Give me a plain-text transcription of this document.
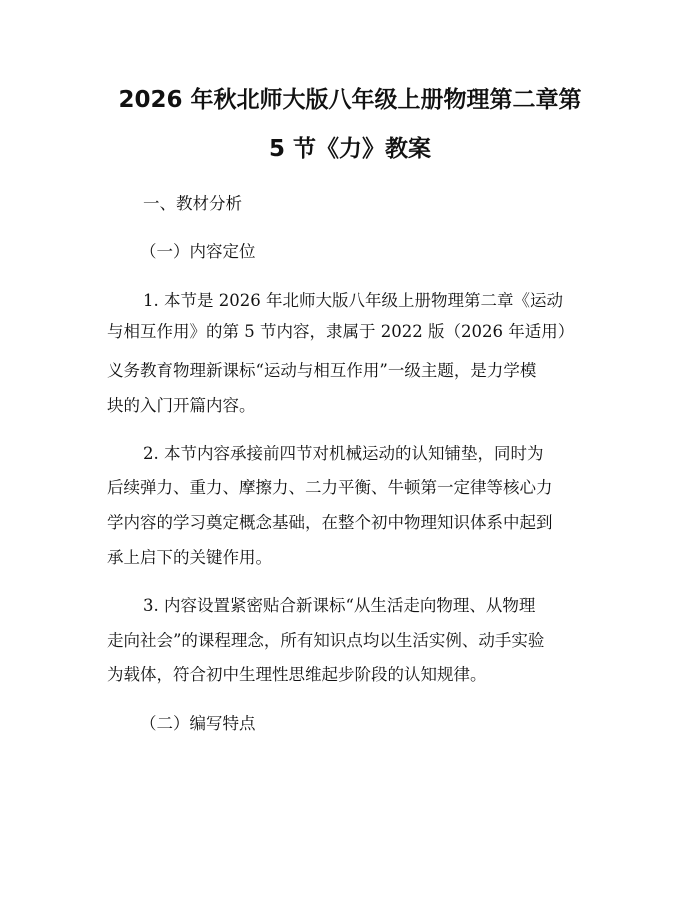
2026 年秋北师大版八年级上册物理第二章第
5 节《力》教案
一、教材分析
（一）内容定位
1. 本节是 2026 年北师大版八年级上册物理第二章《运动
与相互作用》的第 5 节内容，隶属于 2022 版（2026 年适用）
义务教育物理新课标“运动与相互作用”一级主题，是力学模
块的入门开篇内容。
2. 本节内容承接前四节对机械运动的认知铺垫，同时为
后续弹力、重力、摩擦力、二力平衡、牛顿第一定律等核心力
学内容的学习奠定概念基础，在整个初中物理知识体系中起到
承上启下的关键作用。
3. 内容设置紧密贴合新课标“从生活走向物理、从物理
走向社会”的课程理念，所有知识点均以生活实例、动手实验
为载体，符合初中生理性思维起步阶段的认知规律。
（二）编写特点
